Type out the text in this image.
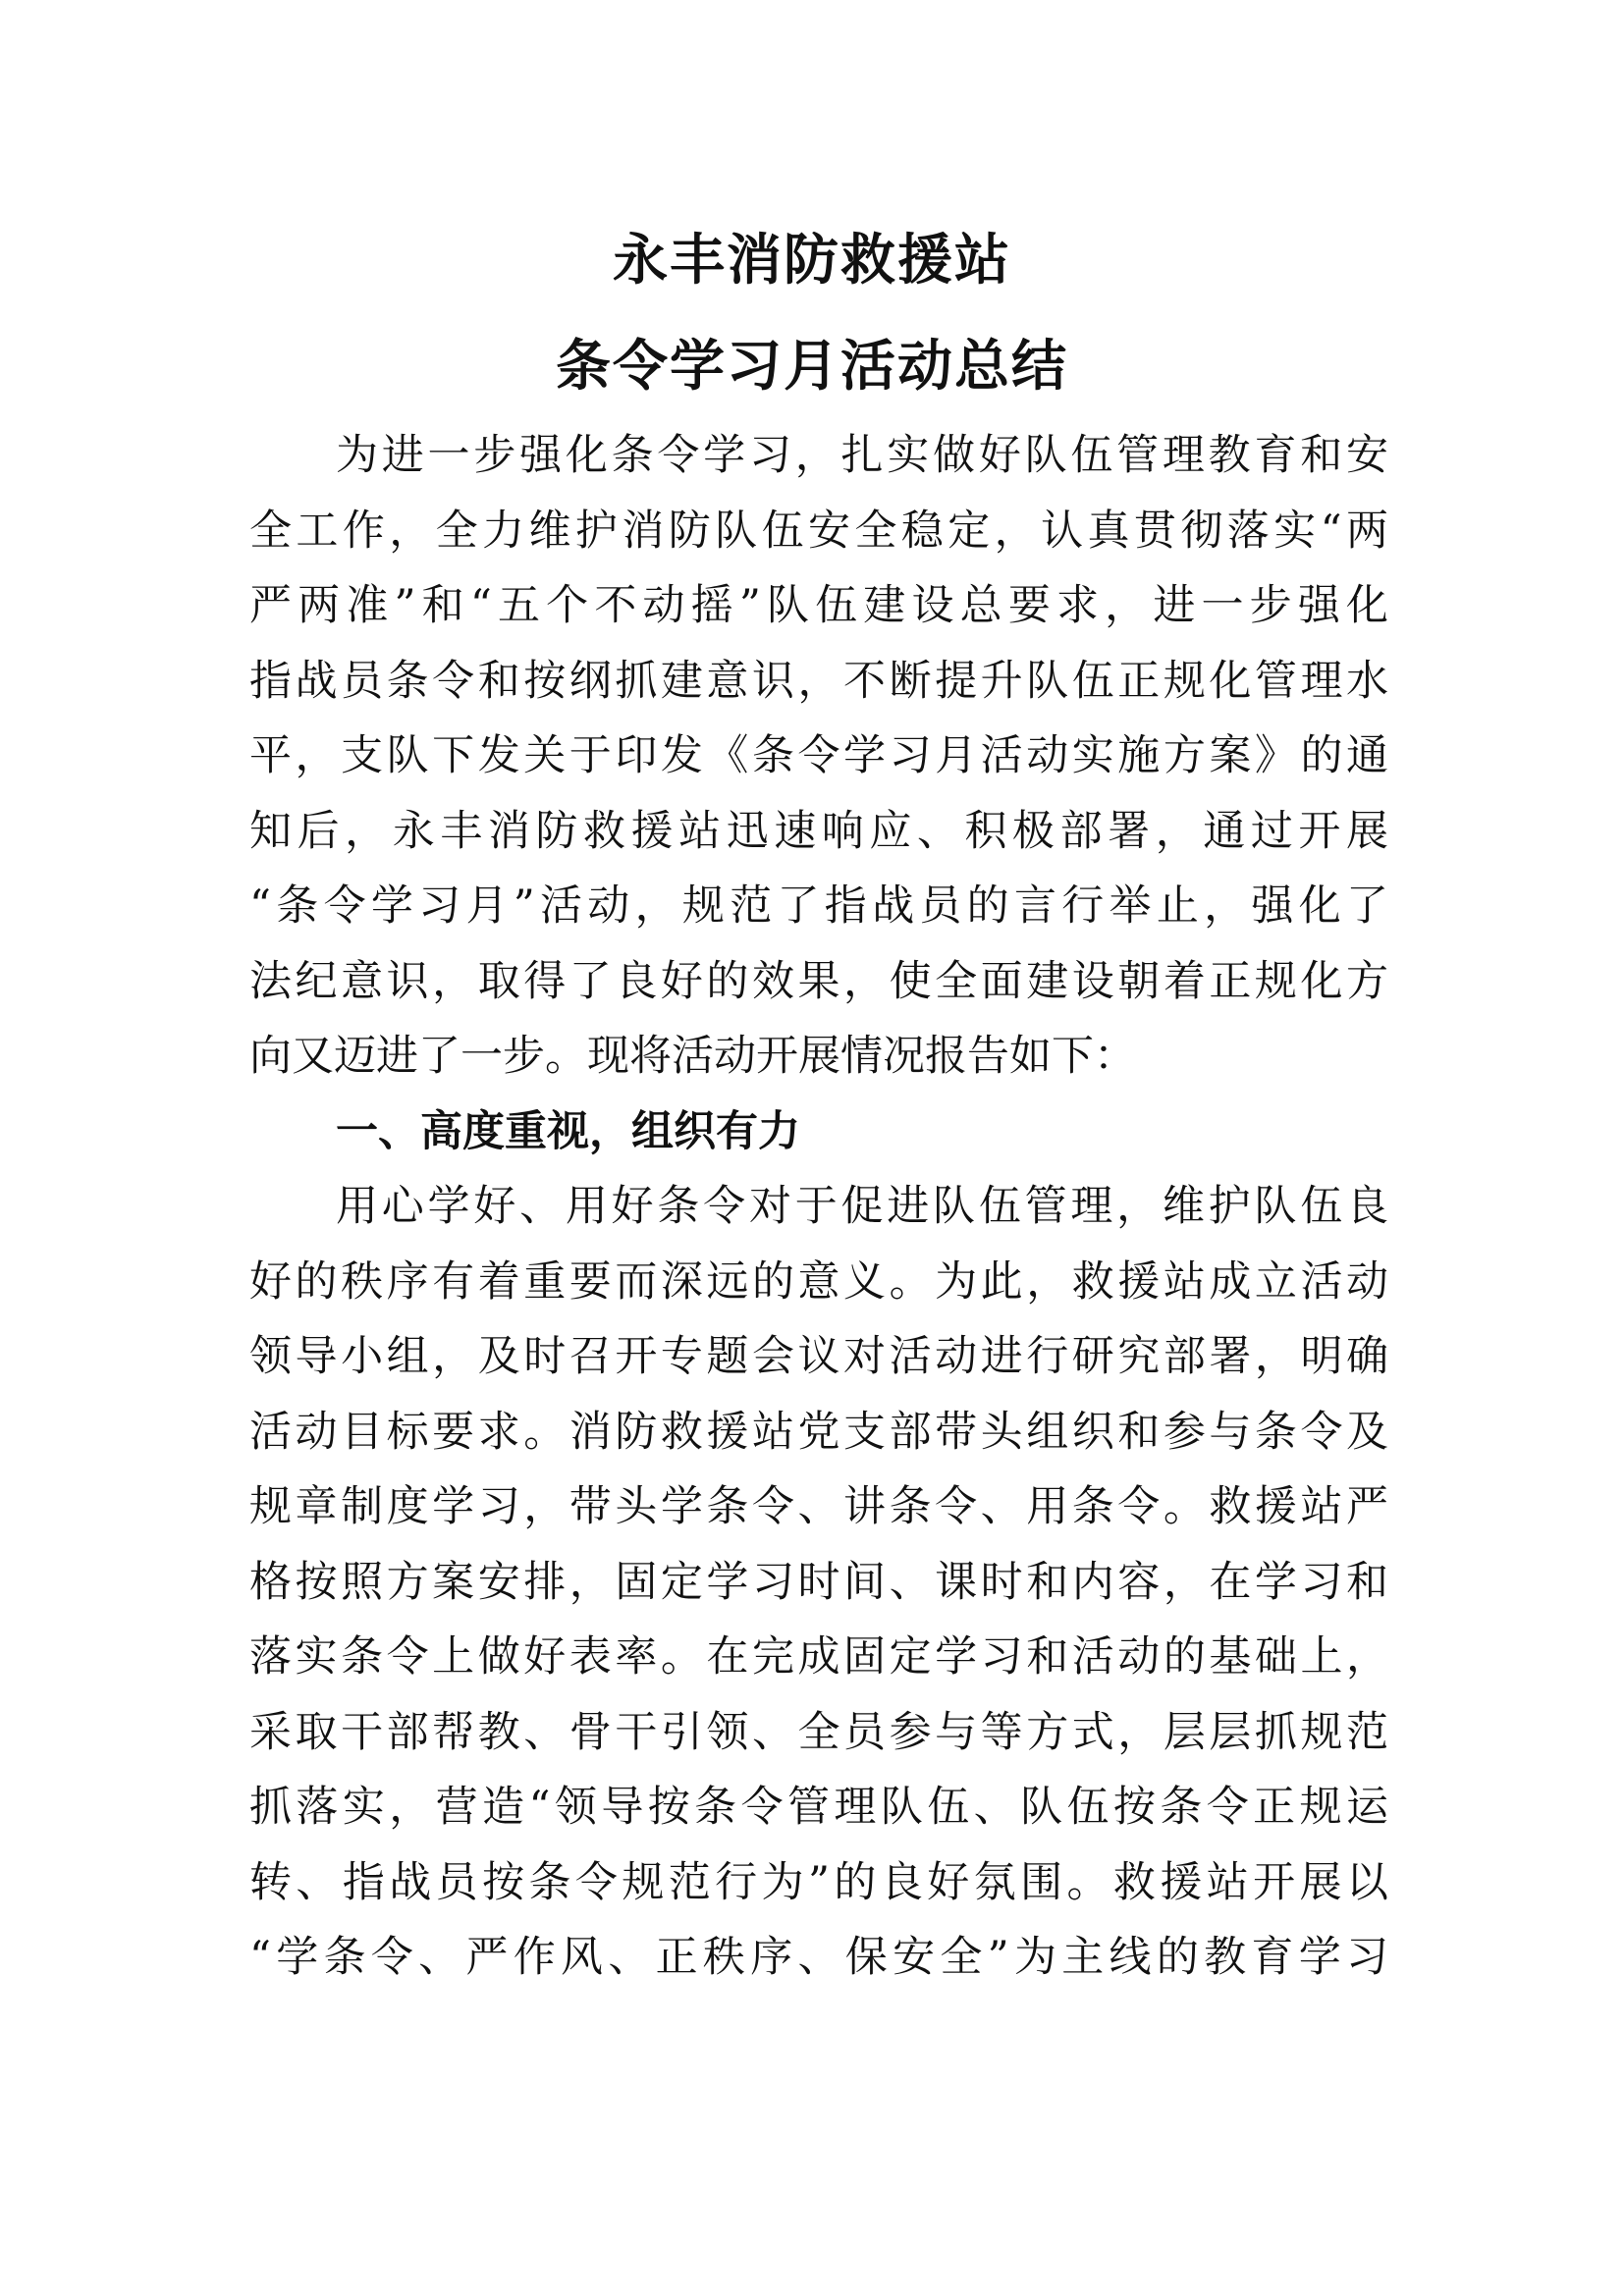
永丰消防救援站
条令学习月活动总结
为进一步强化条令学习，扎实做好队伍管理教育和安
全工作，全力维护消防队伍安全稳定，认真贯彻落实“两
严两准”和“五个不动摇”队伍建设总要求，进一步强化
指战员条令和按纲抓建意识，不断提升队伍正规化管理水
平，支队下发关于印发《条令学习月活动实施方案》的通
知后，永丰消防救援站迅速响应、积极部署，通过开展
“条令学习月”活动，规范了指战员的言行举止，强化了
法纪意识，取得了良好的效果，使全面建设朝着正规化方
向又迈进了一步。现将活动开展情况报告如下：
一、高度重视，组织有力
用心学好、用好条令对于促进队伍管理，维护队伍良
好的秩序有着重要而深远的意义。为此，救援站成立活动
领导小组，及时召开专题会议对活动进行研究部署，明确
活动目标要求。消防救援站党支部带头组织和参与条令及
规章制度学习，带头学条令、讲条令、用条令。救援站严
格按照方案安排，固定学习时间、课时和内容，在学习和
落实条令上做好表率。在完成固定学习和活动的基础上，
采取干部帮教、骨干引领、全员参与等方式，层层抓规范
抓落实，营造“领导按条令管理队伍、队伍按条令正规运
转、指战员按条令规范行为”的良好氛围。救援站开展以
“学条令、严作风、正秩序、保安全”为主线的教育学习
